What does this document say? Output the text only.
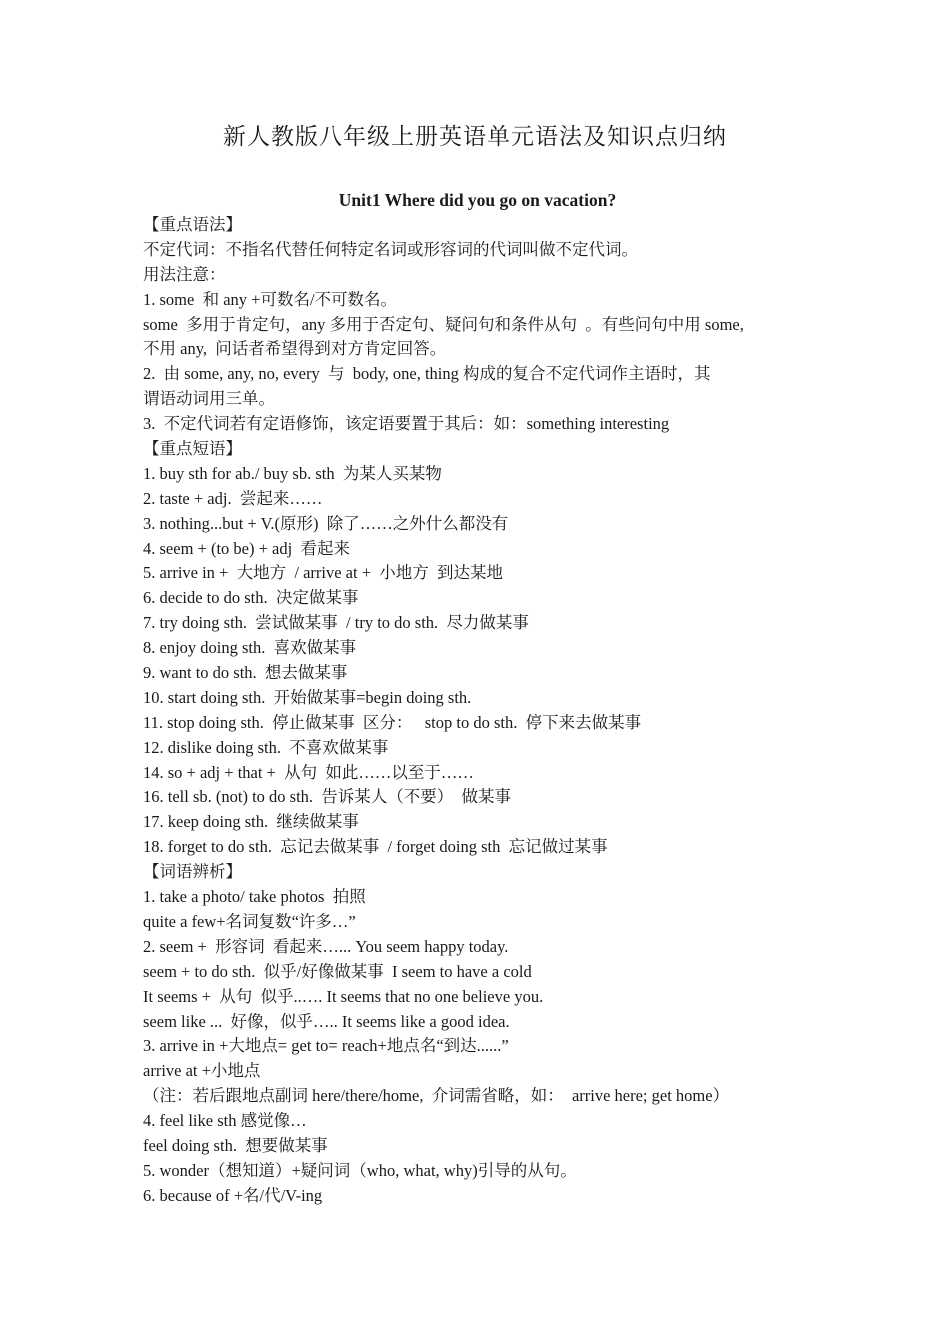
新人教版八年级上册英语单元语法及知识点归纳
Unit1 Where did you go on vacation?
【重点语法】
不定代词：不指名代替任何特定名词或形容词的代词叫做不定代词。
用法注意：
1. some  和 any +可数名/不可数名。
some  多用于肯定句，any 多用于否定句、疑问句和条件从句  。有些问句中用 some,
不用 any,  问话者希望得到对方肯定回答。
2.  由 some, any, no, every  与  body, one, thing 构成的复合不定代词作主语时，其
谓语动词用三单。
3.  不定代词若有定语修饰，该定语要置于其后：如：something interesting
【重点短语】
1. buy sth for ab./ buy sb. sth  为某人买某物
2. taste + adj.  尝起来……
3. nothing...but + V.(原形)  除了……之外什么都没有
4. seem + (to be) + adj  看起来
5. arrive in +  大地方  / arrive at +  小地方  到达某地
6. decide to do sth.  决定做某事
7. try doing sth.  尝试做某事  / try to do sth.  尽力做某事
8. enjoy doing sth.  喜欢做某事
9. want to do sth.  想去做某事
10. start doing sth.  开始做某事=begin doing sth.
11. stop doing sth.  停止做某事  区分：   stop to do sth.  停下来去做某事
12. dislike doing sth.  不喜欢做某事
14. so + adj + that +  从句  如此……以至于……
16. tell sb. (not) to do sth.  告诉某人（不要）  做某事
17. keep doing sth.  继续做某事
18. forget to do sth.  忘记去做某事  / forget doing sth  忘记做过某事
【词语辨析】
1. take a photo/ take photos  拍照
quite a few+名词复数“许多…”
2. seem +  形容词  看起来…... You seem happy today.
seem + to do sth.  似乎/好像做某事  I seem to have a cold
It seems +  从句  似乎..…. It seems that no one believe you.
seem like ...  好像，似乎….. It seems like a good idea.
3. arrive in +大地点= get to= reach+地点名“到达......”
arrive at +小地点
（注：若后跟地点副词 here/there/home,  介词需省略，如：  arrive here; get home）
4. feel like sth 感觉像…
feel doing sth.  想要做某事
5. wonder（想知道）+疑问词（who, what, why)引导的从句。
6. because of +名/代/V-ing
